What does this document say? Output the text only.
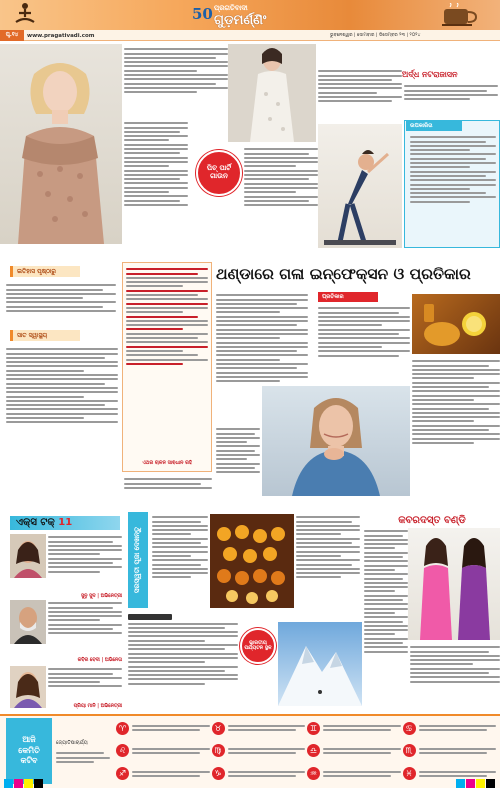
50 ପ୍ରଗତିବାଦୀ
ଗୁଡ଼ମର୍ଣ୍ଣିଂ
ପୃ.୧୪	www.pragativadi.com	ଭୁବନେଶ୍ୱର | ସୋମବାର | ଡିସେମ୍ବର ୨୩ | ୨୦୨୪
ପିଚ୍ ପାର୍ଟି ଗାଉନ
ଅର୍ଦ୍ଧ ନଟରାଜାସନ
ଉପକାରିତା
ଇତିହାସ ପୃଷ୍ଠାରୁ
ସାତ ସ୍ୱାସ୍ଥ୍ୟ
ଏଥର ଚାଳନ ସାଵଧାନ ରହି
ଥଣ୍ଡାରେ ଗଳା ଇନ୍ଫେକ୍ସନ ଓ ପ୍ରତିକାର
ପ୍ରତିକାର
ଏକ୍ସ ଟକ୍ 11
ସୁନୁ ସୁଦ | ଅଭିନେତ୍ରୀ
କବିର ବେଦୀ | ଅଭିନେତା
ପ୍ରିୟା ମାନି | ଅଭିନେତ୍ରୀ
ସରସ୍ୱତୀ ପୂଜା ଦେଖନ୍ତୁ
ଭାରତୀୟ ପର୍ଯ୍ୟଟନ ସ୍ଥଳ
କବରଦସ୍ତ ବଣ୍ଡି
ଆଜି
କେମିତି
କଟିବ
ଜ୍ୟୋତିଷାଚାର୍ଯ୍ୟ
♈	♉	♊	♋
♌	♍	♎	♏
♐	♑	♒	♓
